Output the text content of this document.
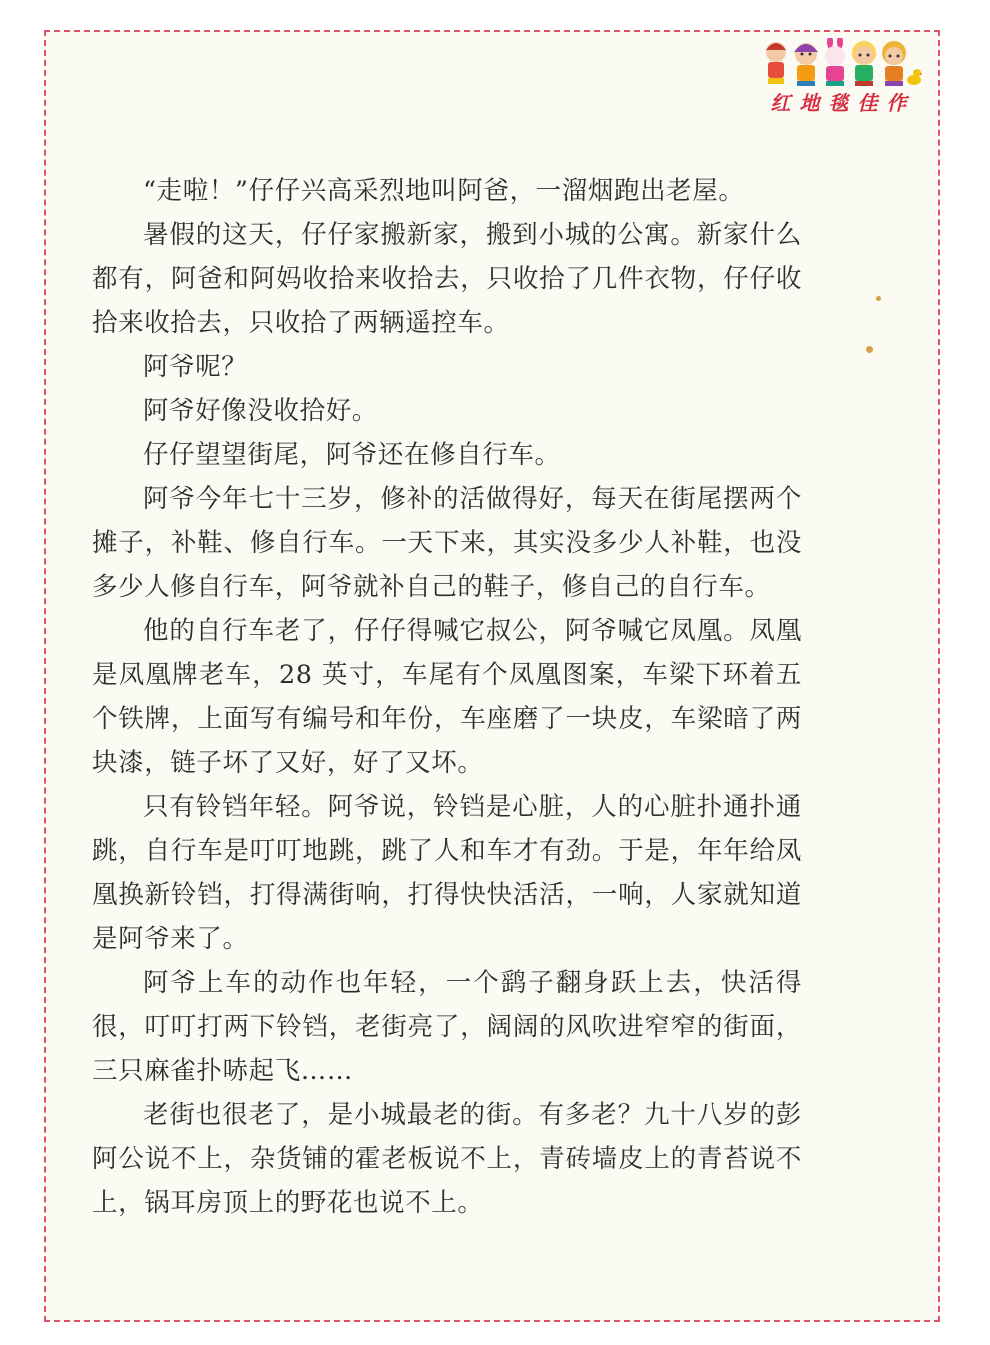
红地毯佳作

“走啦！”仔仔兴高采烈地叫阿爸，一溜烟跑出老屋。

暑假的这天，仔仔家搬新家，搬到小城的公寓。新家什么都有，阿爸和阿妈收拾来收拾去，只收拾了几件衣物，仔仔收拾来收拾去，只收拾了两辆遥控车。

阿爷呢？

阿爷好像没收拾好。

仔仔望望街尾，阿爷还在修自行车。

阿爷今年七十三岁，修补的活做得好，每天在街尾摆两个摊子，补鞋、修自行车。一天下来，其实没多少人补鞋，也没多少人修自行车，阿爷就补自己的鞋子，修自己的自行车。

他的自行车老了，仔仔得喊它叔公，阿爷喊它凤凰。凤凰是凤凰牌老车，28 英寸，车尾有个凤凰图案，车梁下环着五个铁牌，上面写有编号和年份，车座磨了一块皮，车梁暗了两块漆，链子坏了又好，好了又坏。

只有铃铛年轻。阿爷说，铃铛是心脏，人的心脏扑通扑通跳，自行车是叮叮地跳，跳了人和车才有劲。于是，年年给凤凰换新铃铛，打得满街响，打得快快活活，一响，人家就知道是阿爷来了。

阿爷上车的动作也年轻，一个鹞子翻身跃上去，快活得很，叮叮打两下铃铛，老街亮了，阔阔的风吹进窄窄的街面，三只麻雀扑哧起飞……

老街也很老了，是小城最老的街。有多老？九十八岁的彭阿公说不上，杂货铺的霍老板说不上，青砖墙皮上的青苔说不上，锅耳房顶上的野花也说不上。
